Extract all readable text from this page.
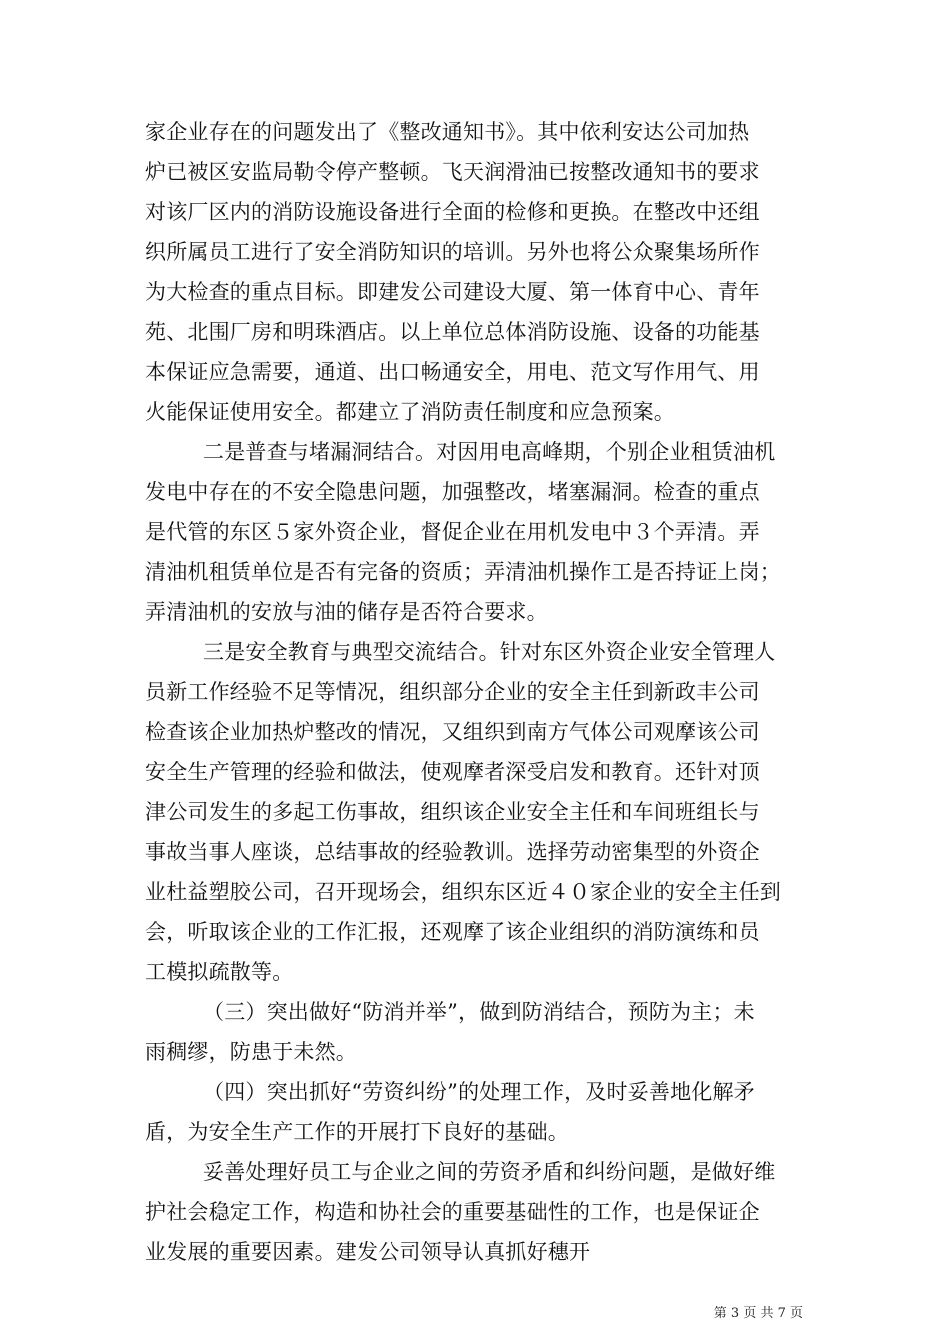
家企业存在的问题发出了《整改通知书》。其中依利安达公司加热
炉已被区安监局勒令停产整顿。飞天润滑油已按整改通知书的要求
对该厂区内的消防设施设备进行全面的检修和更换。在整改中还组
织所属员工进行了安全消防知识的培训。另外也将公众聚集场所作
为大检查的重点目标。即建发公司建设大厦、第一体育中心、青年
苑、北围厂房和明珠酒店。以上单位总体消防设施、设备的功能基
本保证应急需要，通道、出口畅通安全，用电、范文写作用气、用
火能保证使用安全。都建立了消防责任制度和应急预案。
二是普查与堵漏洞结合。对因用电高峰期，个别企业租赁油机
发电中存在的不安全隐患问题，加强整改，堵塞漏洞。检查的重点
是代管的东区５家外资企业，督促企业在用机发电中３个弄清。弄
清油机租赁单位是否有完备的资质；弄清油机操作工是否持证上岗；
弄清油机的安放与油的储存是否符合要求。
三是安全教育与典型交流结合。针对东区外资企业安全管理人
员新工作经验不足等情况，组织部分企业的安全主任到新政丰公司
检查该企业加热炉整改的情况，又组织到南方气体公司观摩该公司
安全生产管理的经验和做法，使观摩者深受启发和教育。还针对顶
津公司发生的多起工伤事故，组织该企业安全主任和车间班组长与
事故当事人座谈，总结事故的经验教训。选择劳动密集型的外资企
业杜益塑胶公司，召开现场会，组织东区近４０家企业的安全主任到
会，听取该企业的工作汇报，还观摩了该企业组织的消防演练和员
工模拟疏散等。
（三）突出做好“防消并举”，做到防消结合，预防为主；未
雨稠缪，防患于未然。
（四）突出抓好“劳资纠纷”的处理工作，及时妥善地化解矛
盾，为安全生产工作的开展打下良好的基础。
妥善处理好员工与企业之间的劳资矛盾和纠纷问题，是做好维
护社会稳定工作，构造和协社会的重要基础性的工作，也是保证企
业发展的重要因素。建发公司领导认真抓好穗开
第 3 页 共 7 页
